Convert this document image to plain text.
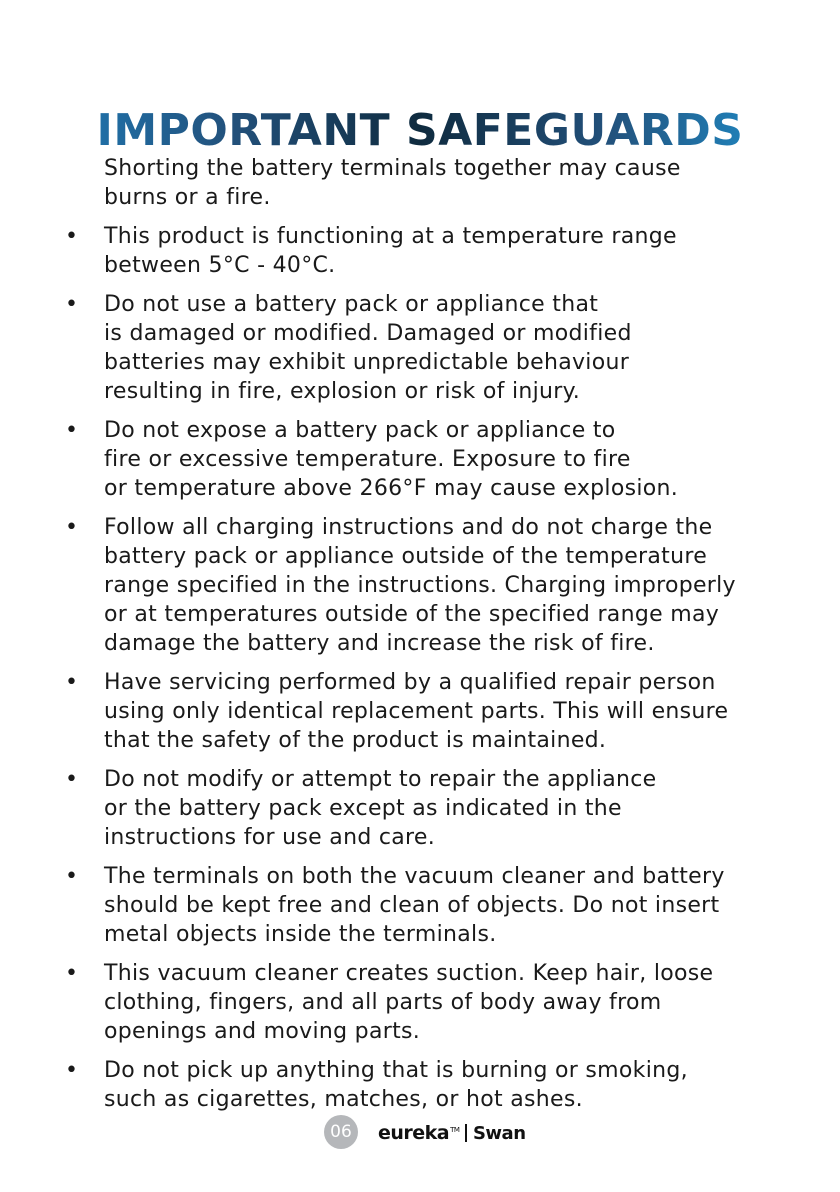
IMPORTANT SAFEGUARDS
Shorting the battery terminals together may cause
burns or a fire.
•	This product is functioning at a temperature range
between 5°C - 40°C.
•	Do not use a battery pack or appliance that
is damaged or modified. Damaged or modified
batteries may exhibit unpredictable behaviour
resulting in fire, explosion or risk of injury.
•	Do not expose a battery pack or appliance to
fire or excessive temperature. Exposure to fire
or temperature above 266°F may cause explosion.
•	Follow all charging instructions and do not charge the
battery pack or appliance outside of the temperature
range specified in the instructions. Charging improperly
or at temperatures outside of the specified range may
damage the battery and increase the risk of fire.
•	Have servicing performed by a qualified repair person
using only identical replacement parts. This will ensure
that the safety of the product is maintained.
•	Do not modify or attempt to repair the appliance
or the battery pack except as indicated in the
instructions for use and care.
•	The terminals on both the vacuum cleaner and battery
should be kept free and clean of objects. Do not insert
metal objects inside the terminals.
•	This vacuum cleaner creates suction. Keep hair, loose
clothing, fingers, and all parts of body away from
openings and moving parts.
•	Do not pick up anything that is burning or smoking,
such as cigarettes, matches, or hot ashes.
06	eureka™ Swan
